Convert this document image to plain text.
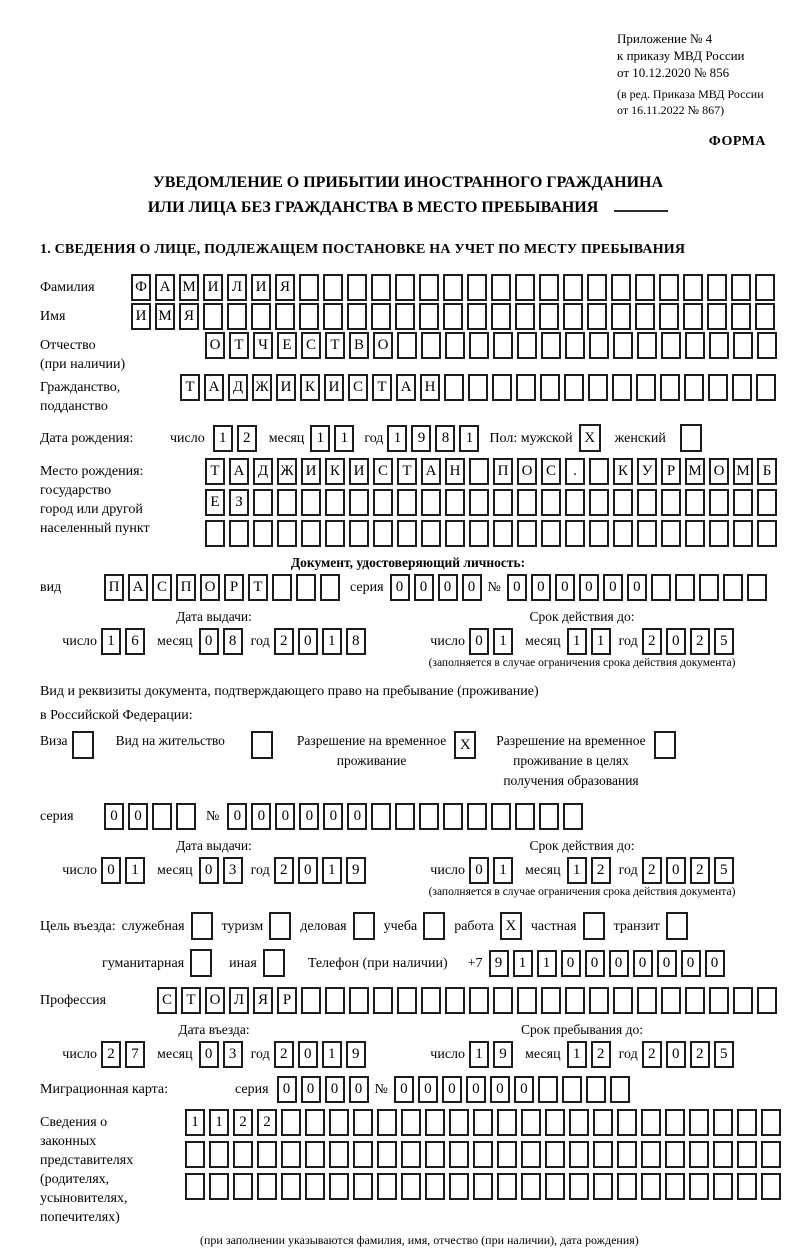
Приложение № 4
к приказу МВД России
от 10.12.2020 № 856
(в ред. Приказа МВД России
от 16.11.2022 № 867)
ФОРМА
УВЕДОМЛЕНИЕ О ПРИБЫТИИ ИНОСТРАННОГО ГРАЖДАНИНА
ИЛИ ЛИЦА БЕЗ ГРАЖДАНСТВА В МЕСТО ПРЕБЫВАНИЯ
1. СВЕДЕНИЯ О ЛИЦЕ, ПОДЛЕЖАЩЕМ ПОСТАНОВКЕ НА УЧЕТ ПО МЕСТУ ПРЕБЫВАНИЯ
Фамилия	Ф А М И Л И Я
Имя	И М Я
Отчество
(при наличии)
О Т Ч Е С Т В О
Гражданство,
подданство
Т А Д Ж И К И С Т А Н
Дата рождения:	число 1	2	месяц 1	1	год 1	9	8	1	Пол: мужской X	женский
Место рождения:
государство
город или другой
населенный пункт
Т А Д Ж И К И С Т А Н	П О С	.	К У Р М О М Б
Е	З
Документ, удостоверяющий личность:
вид	П А С П О Р	Т	серия 0	0	0	0 № 0	0	0	0	0	0
Дата выдачи:
число 1	6	месяц 0	8	год 2	0	1	8
Срок действия до:
число 0	1	месяц 1	1	год 2	0	2	5
(заполняется в случае ограничения срока действия документа)
Вид и реквизиты документа, подтверждающего право на пребывание (проживание)
в Российской Федерации:
Виза	Вид на жительство	Разрешение на временное
проживание
X	Разрешение на временное
проживание в целях
получения образования
серия	0	0	№ 0	0	0	0	0	0
Дата выдачи:
число 0	1	месяц 0	3	год 2	0	1	9
Срок действия до:
число 0	1	месяц 1	2	год 2	0	2	5
(заполняется в случае ограничения срока действия документа)
Цель въезда: служебная	туризм	деловая	учеба	работа X	частная	транзит
гуманитарная	иная	Телефон (при наличии) +7 9	1	1	0	0	0	0	0	0	0
Профессия	С Т О Л Я Р
Дата въезда:
число 2	7	месяц 0	3	год 2	0	1	9
Срок пребывания до:
число 1	9	месяц 1	2	год 2	0	2	5
Миграционная карта:	серия 0	0	0	0 № 0	0	0	0	0	0
Сведения о
законных
представителях
(родителях,
усыновителях,
попечителях)
1	1	2	2
(при заполнении указываются фамилия, имя, отчество (при наличии), дата рождения)
